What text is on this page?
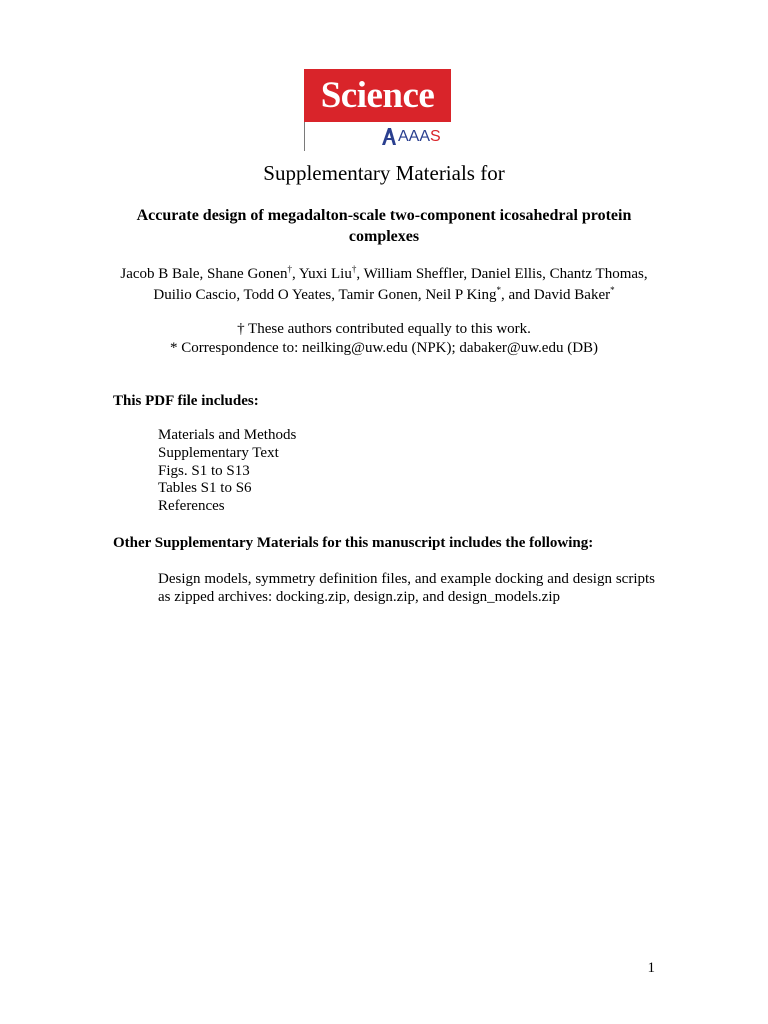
Science
AAAS
Supplementary Materials for
Accurate design of megadalton-scale two-component icosahedral protein complexes
Jacob B Bale, Shane Gonen†, Yuxi Liu†, William Sheffler, Daniel Ellis, Chantz Thomas,
Duilio Cascio, Todd O Yeates, Tamir Gonen, Neil P King*, and David Baker*
† These authors contributed equally to this work.
* Correspondence to: neilking@uw.edu (NPK); dabaker@uw.edu (DB)
This PDF file includes:
Materials and Methods
Supplementary Text
Figs. S1 to S13
Tables S1 to S6
References
Other Supplementary Materials for this manuscript includes the following:
Design models, symmetry definition files, and example docking and design scripts as zipped archives: docking.zip, design.zip, and design_models.zip
1
